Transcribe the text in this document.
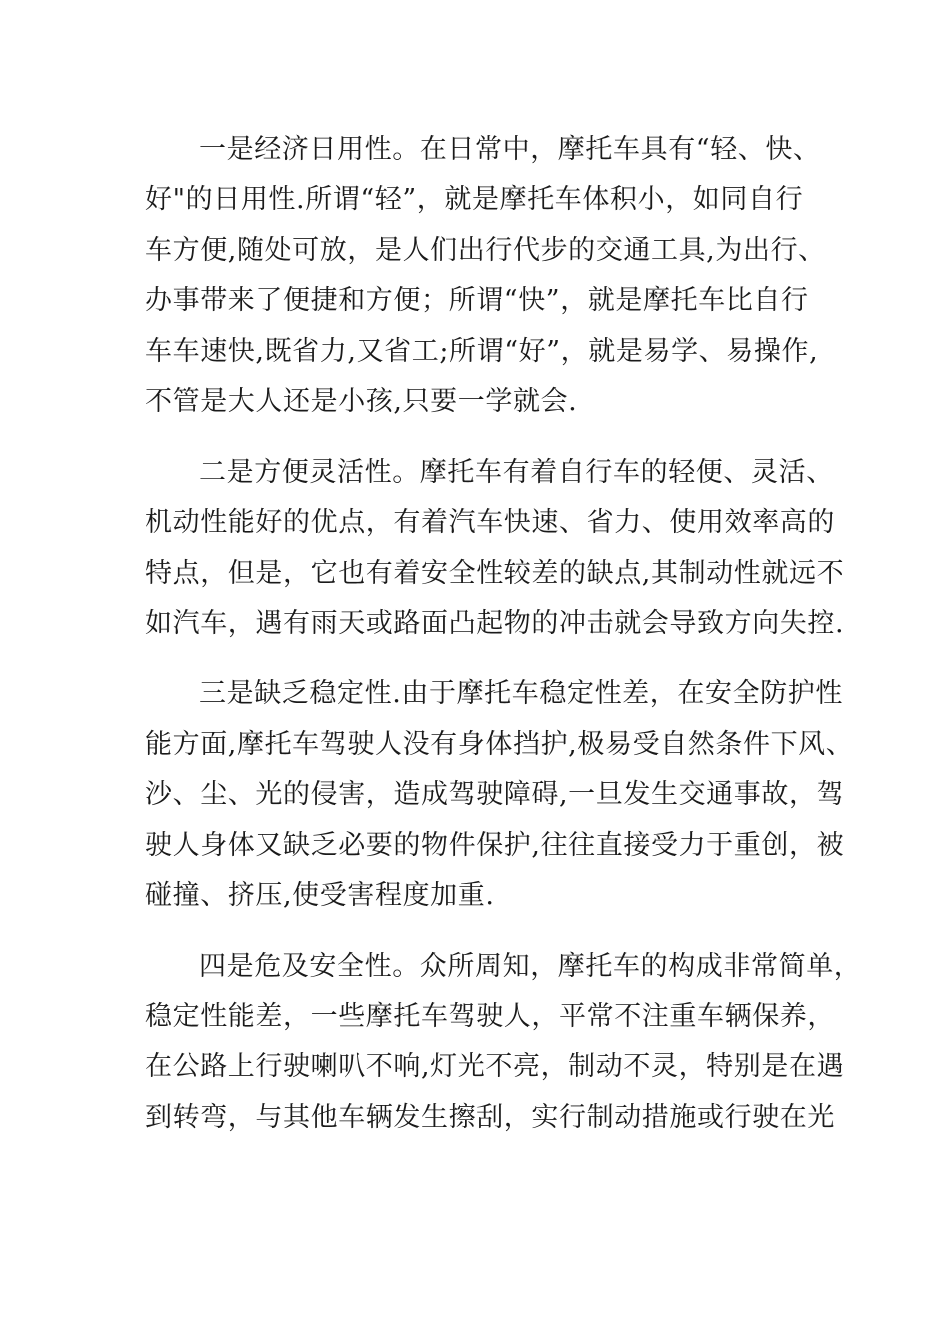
一是经济日用性。在日常中，摩托车具有“轻、快、
好"的日用性.所谓“轻”，就是摩托车体积小，如同自行
车方便,随处可放，是人们出行代步的交通工具,为出行、
办事带来了便捷和方便；所谓“快”，就是摩托车比自行
车车速快,既省力,又省工;所谓“好”，就是易学、易操作,
不管是大人还是小孩,只要一学就会.
二是方便灵活性。摩托车有着自行车的轻便、灵活、
机动性能好的优点，有着汽车快速、省力、使用效率高的
特点，但是，它也有着安全性较差的缺点,其制动性就远不
如汽车，遇有雨天或路面凸起物的冲击就会导致方向失控.
三是缺乏稳定性.由于摩托车稳定性差，在安全防护性
能方面,摩托车驾驶人没有身体挡护,极易受自然条件下风、
沙、尘、光的侵害，造成驾驶障碍,一旦发生交通事故，驾
驶人身体又缺乏必要的物件保护,往往直接受力于重创，被
碰撞、挤压,使受害程度加重.
四是危及安全性。众所周知，摩托车的构成非常简单，
稳定性能差，一些摩托车驾驶人，平常不注重车辆保养，
在公路上行驶喇叭不响,灯光不亮，制动不灵，特别是在遇
到转弯，与其他车辆发生擦刮，实行制动措施或行驶在光
